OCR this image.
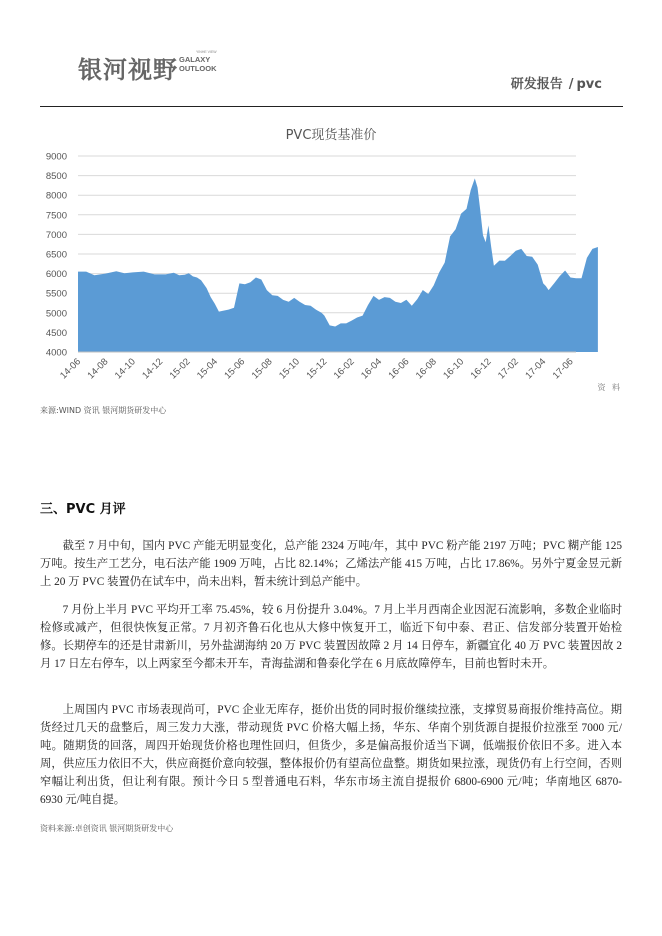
银河视野
YINHE VIEW
GALAXY
OUTLOOK
研发报告 / pvc
PVC现货基准价
4000
4500
5000
5500
6000
6500
7000
7500
8000
8500
9000
14-06 14-08 14-10 14-12 15-02 15-04 15-06 15-08 15-10 15-12 16-02 16-04 16-06 16-08 16-10 16-12 17-02 17-04 17-06
资 料
来源:WIND 资讯 银河期货研发中心
三、PVC 月评

截至 7 月中旬，国内 PVC 产能无明显变化，总产能 2324 万吨/年，其中 PVC 粉产能 2197 万吨；PVC 糊产能 125 万吨。按生产工艺分，电石法产能 1909 万吨，占比 82.14%；乙烯法产能 415 万吨，占比 17.86%。另外宁夏金昱元新上 20 万 PVC 装置仍在试车中，尚未出料，暂未统计到总产能中。

7 月份上半月 PVC 平均开工率 75.45%，较 6 月份提升 3.04%。7 月上半月西南企业因泥石流影响，多数企业临时检修或减产，但很快恢复正常。7 月初齐鲁石化也从大修中恢复开工，临近下旬中泰、君正、信发部分装置开始检修。长期停车的还是甘肃新川，另外盐湖海纳 20 万 PVC 装置因故障 2 月 14 日停车，新疆宜化 40 万 PVC 装置因故 2 月 17 日左右停车，以上两家至今都未开车，青海盐湖和鲁泰化学在 6 月底故障停车，目前也暂时未开。

上周国内 PVC 市场表现尚可，PVC 企业无库存，挺价出货的同时报价继续拉涨，支撑贸易商报价维持高位。期货经过几天的盘整后，周三发力大涨，带动现货 PVC 价格大幅上扬，华东、华南个别货源自提报价拉涨至 7000 元/吨。随期货的回落，周四开始现货价格也理性回归，但货少，多是偏高报价适当下调，低端报价依旧不多。进入本周，供应压力依旧不大，供应商挺价意向较强，整体报价仍有望高位盘整。期货如果拉涨，现货仍有上行空间，否则窄幅让利出货，但让利有限。预计今日 5 型普通电石料，华东市场主流自提报价 6800-6900 元/吨；华南地区 6870-6930 元/吨自提。

资料来源:卓创资讯 银河期货研发中心
